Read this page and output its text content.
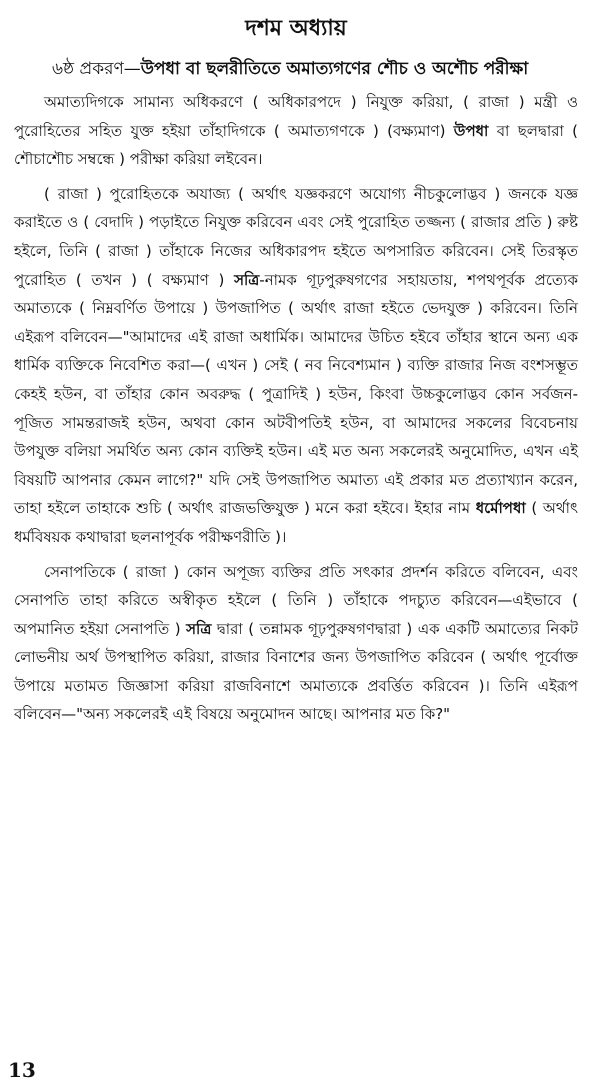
দশম অধ্যায়
৬ষ্ঠ প্রকরণ—উপধা বা ছলরীতিতে অমাত্যগণের শৌচ ও অশৌচ পরীক্ষা

অমাত্যদিগকে সামান্য অধিকরণে ( অধিকারপদে ) নিযুক্ত করিয়া, ( রাজা ) মন্ত্রী ও পুরোহিতের সহিত যুক্ত হইয়া তাঁহাদিগকে ( অমাত্যগণকে ) (বক্ষ্যমাণ) উপধা বা ছলদ্বারা ( শৌচাশৌচ সম্বন্ধে ) পরীক্ষা করিয়া লইবেন।

( রাজা ) পুরোহিতকে অযাজ্য ( অর্থাৎ যজ্ঞকরণে অযোগ্য নীচকুলোদ্ভব ) জনকে যজ্ঞ করাইতে ও ( বেদাদি ) পড়াইতে নিযুক্ত করিবেন এবং সেই পুরোহিত তজ্জন্য ( রাজার প্রতি ) রুষ্ট হইলে, তিনি ( রাজা ) তাঁহাকে নিজের অধিকারপদ হইতে অপসারিত করিবেন। সেই তিরস্কৃত পুরোহিত ( তখন ) ( বক্ষ্যমাণ ) সত্রি-নামক গূঢ়পুরুষগণের সহায়তায়, শপথপূর্বক প্রত্যেক অমাত্যকে ( নিম্নবর্ণিত উপায়ে ) উপজাপিত ( অর্থাৎ রাজা হইতে ভেদযুক্ত ) করিবেন। তিনি এইরূপ বলিবেন—"আমাদের এই রাজা অধার্মিক। আমাদের উচিত হইবে তাঁহার স্থানে অন্য এক ধার্মিক ব্যক্তিকে নিবেশিত করা—( এখন ) সেই ( নব নিবেশ্যমান ) ব্যক্তি রাজার নিজ বংশসম্ভূত কেহই হউন, বা তাঁহার কোন অবরুদ্ধ ( পুত্রাদিই ) হউন, কিংবা উচ্চকুলোদ্ভব কোন সর্বজন-পূজিত সামন্তরাজই হউন, অথবা কোন অটবীপতিই হউন, বা আমাদের সকলের বিবেচনায় উপযুক্ত বলিয়া সমর্থিত অন্য কোন ব্যক্তিই হউন। এই মত অন্য সকলেরই অনুমোদিত, এখন এই বিষয়টি আপনার কেমন লাগে?" যদি সেই উপজাপিত অমাত্য এই প্রকার মত প্রত্যাখ্যান করেন, তাহা হইলে তাহাকে শুচি ( অর্থাৎ রাজভক্তিযুক্ত ) মনে করা হইবে। ইহার নাম ধর্মোপধা ( অর্থাৎ ধর্মবিষয়ক কথাদ্বারা ছলনাপূর্বক পরীক্ষণরীতি )।

সেনাপতিকে ( রাজা ) কোন অপূজ্য ব্যক্তির প্রতি সৎকার প্রদর্শন করিতে বলিবেন, এবং সেনাপতি তাহা করিতে অস্বীকৃত হইলে ( তিনি ) তাঁহাকে পদচ্যুত করিবেন—এইভাবে ( অপমানিত হইয়া সেনাপতি ) সত্রি দ্বারা ( তন্নামক গূঢ়পুরুষগণদ্বারা ) এক একটি অমাত্যের নিকট লোভনীয় অর্থ উপস্থাপিত করিয়া, রাজার বিনাশের জন্য উপজাপিত করিবেন ( অর্থাৎ পূর্বোক্ত উপায়ে মতামত জিজ্ঞাসা করিয়া রাজবিনাশে অমাত্যকে প্রবর্ত্তিত করিবেন )। তিনি এইরূপ বলিবেন—"অন্য সকলেরই এই বিষয়ে অনুমোদন আছে। আপনার মত কি?"

13
